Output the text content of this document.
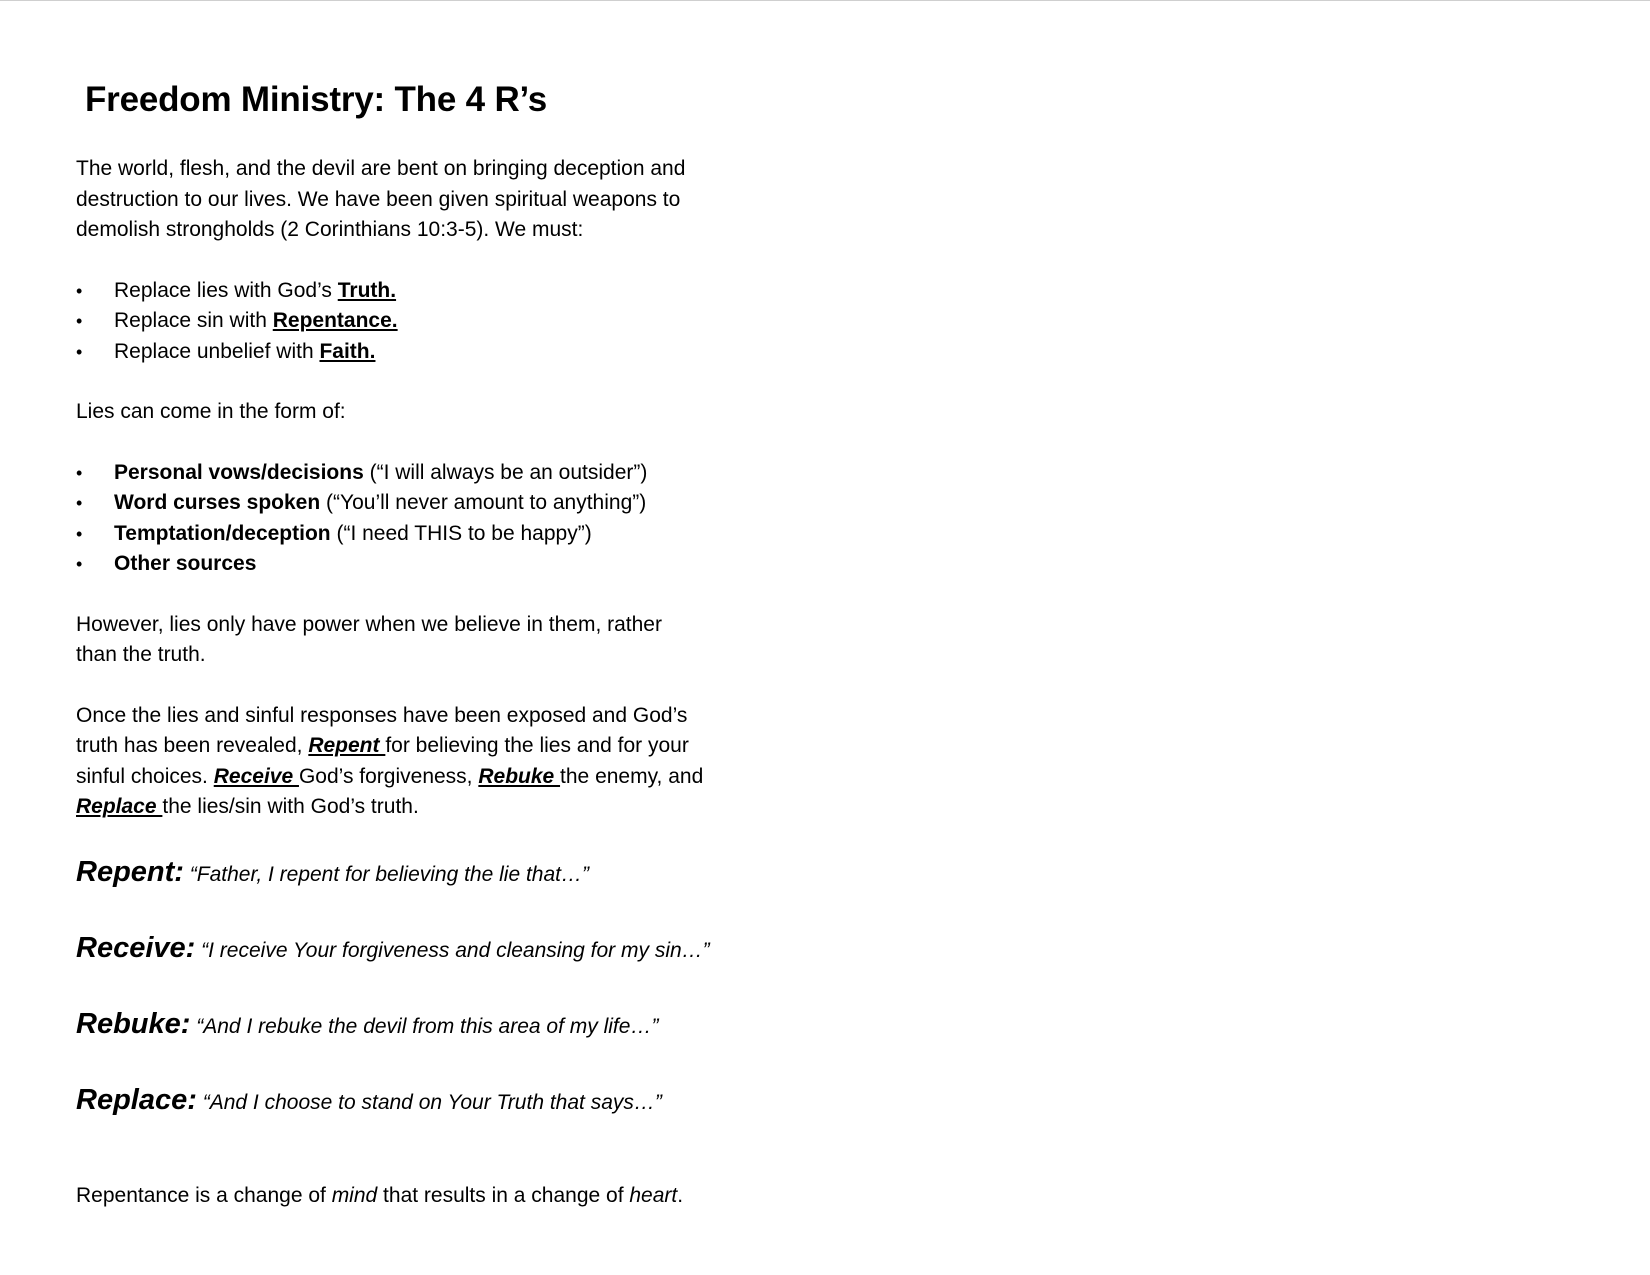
Freedom Ministry: The 4 R’s
The world, flesh, and the devil are bent on bringing deception and
destruction to our lives. We have been given spiritual weapons to
demolish strongholds (2 Corinthians 10:3-5). We must:
•	Replace lies with God’s Truth.
•	Replace sin with Repentance.
•	Replace unbelief with Faith.

Lies can come in the form of:

•	Personal vows/decisions (“I will always be an outsider”)
•	Word curses spoken (“You’ll never amount to anything”)
•	Temptation/deception (“I need THIS to be happy”)
•	Other sources
However, lies only have power when we believe in them, rather
than the truth.
Once the lies and sinful responses have been exposed and God’s
truth has been revealed, Repent for believing the lies and for your
sinful choices. Receive God’s forgiveness, Rebuke the enemy, and
Replace the lies/sin with God’s truth.

Repent: “Father, I repent for believing the lie that…”

Receive: “I receive Your forgiveness and cleansing for my sin…”

Rebuke: “And I rebuke the devil from this area of my life…”

Replace: “And I choose to stand on Your Truth that says…”

Repentance is a change of mind that results in a change of heart.
